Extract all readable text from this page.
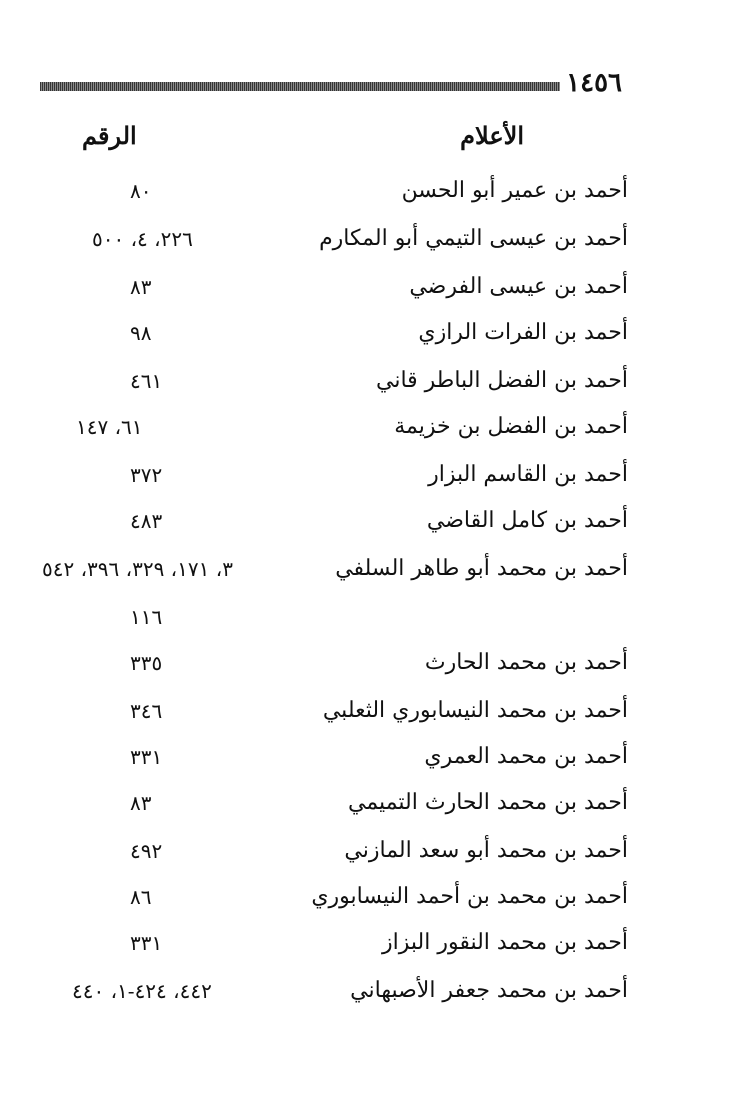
١٤٥٦
الأعلام
الرقم
أحمد بن عمير أبو الحسن
٨٠
أحمد بن عيسى التيمي أبو المكارم
٢٢٦، ٤، ٥٠٠
أحمد بن عيسى الفرضي
٨٣
أحمد بن الفرات الرازي
٩٨
أحمد بن الفضل الباطر قاني
٤٦١
أحمد بن الفضل بن خزيمة
٦١، ١٤٧
أحمد بن القاسم البزار
٣٧٢
أحمد بن كامل القاضي
٤٨٣
أحمد بن محمد أبو طاهر السلفي
٣، ١٧١، ٣٢٩، ٣٩٦، ٥٤٢
١١٦
أحمد بن محمد الحارث
٣٣٥
أحمد بن محمد النيسابوري الثعلبي
٣٤٦
أحمد بن محمد العمري
٣٣١
أحمد بن محمد الحارث التميمي
٨٣
أحمد بن محمد أبو سعد المازني
٤٩٢
أحمد بن محمد بن أحمد النيسابوري
٨٦
أحمد بن محمد النقور البزاز
٣٣١
أحمد بن محمد جعفر الأصبهاني
٤٤٢، ٤٢٤-١، ٤٤٠
